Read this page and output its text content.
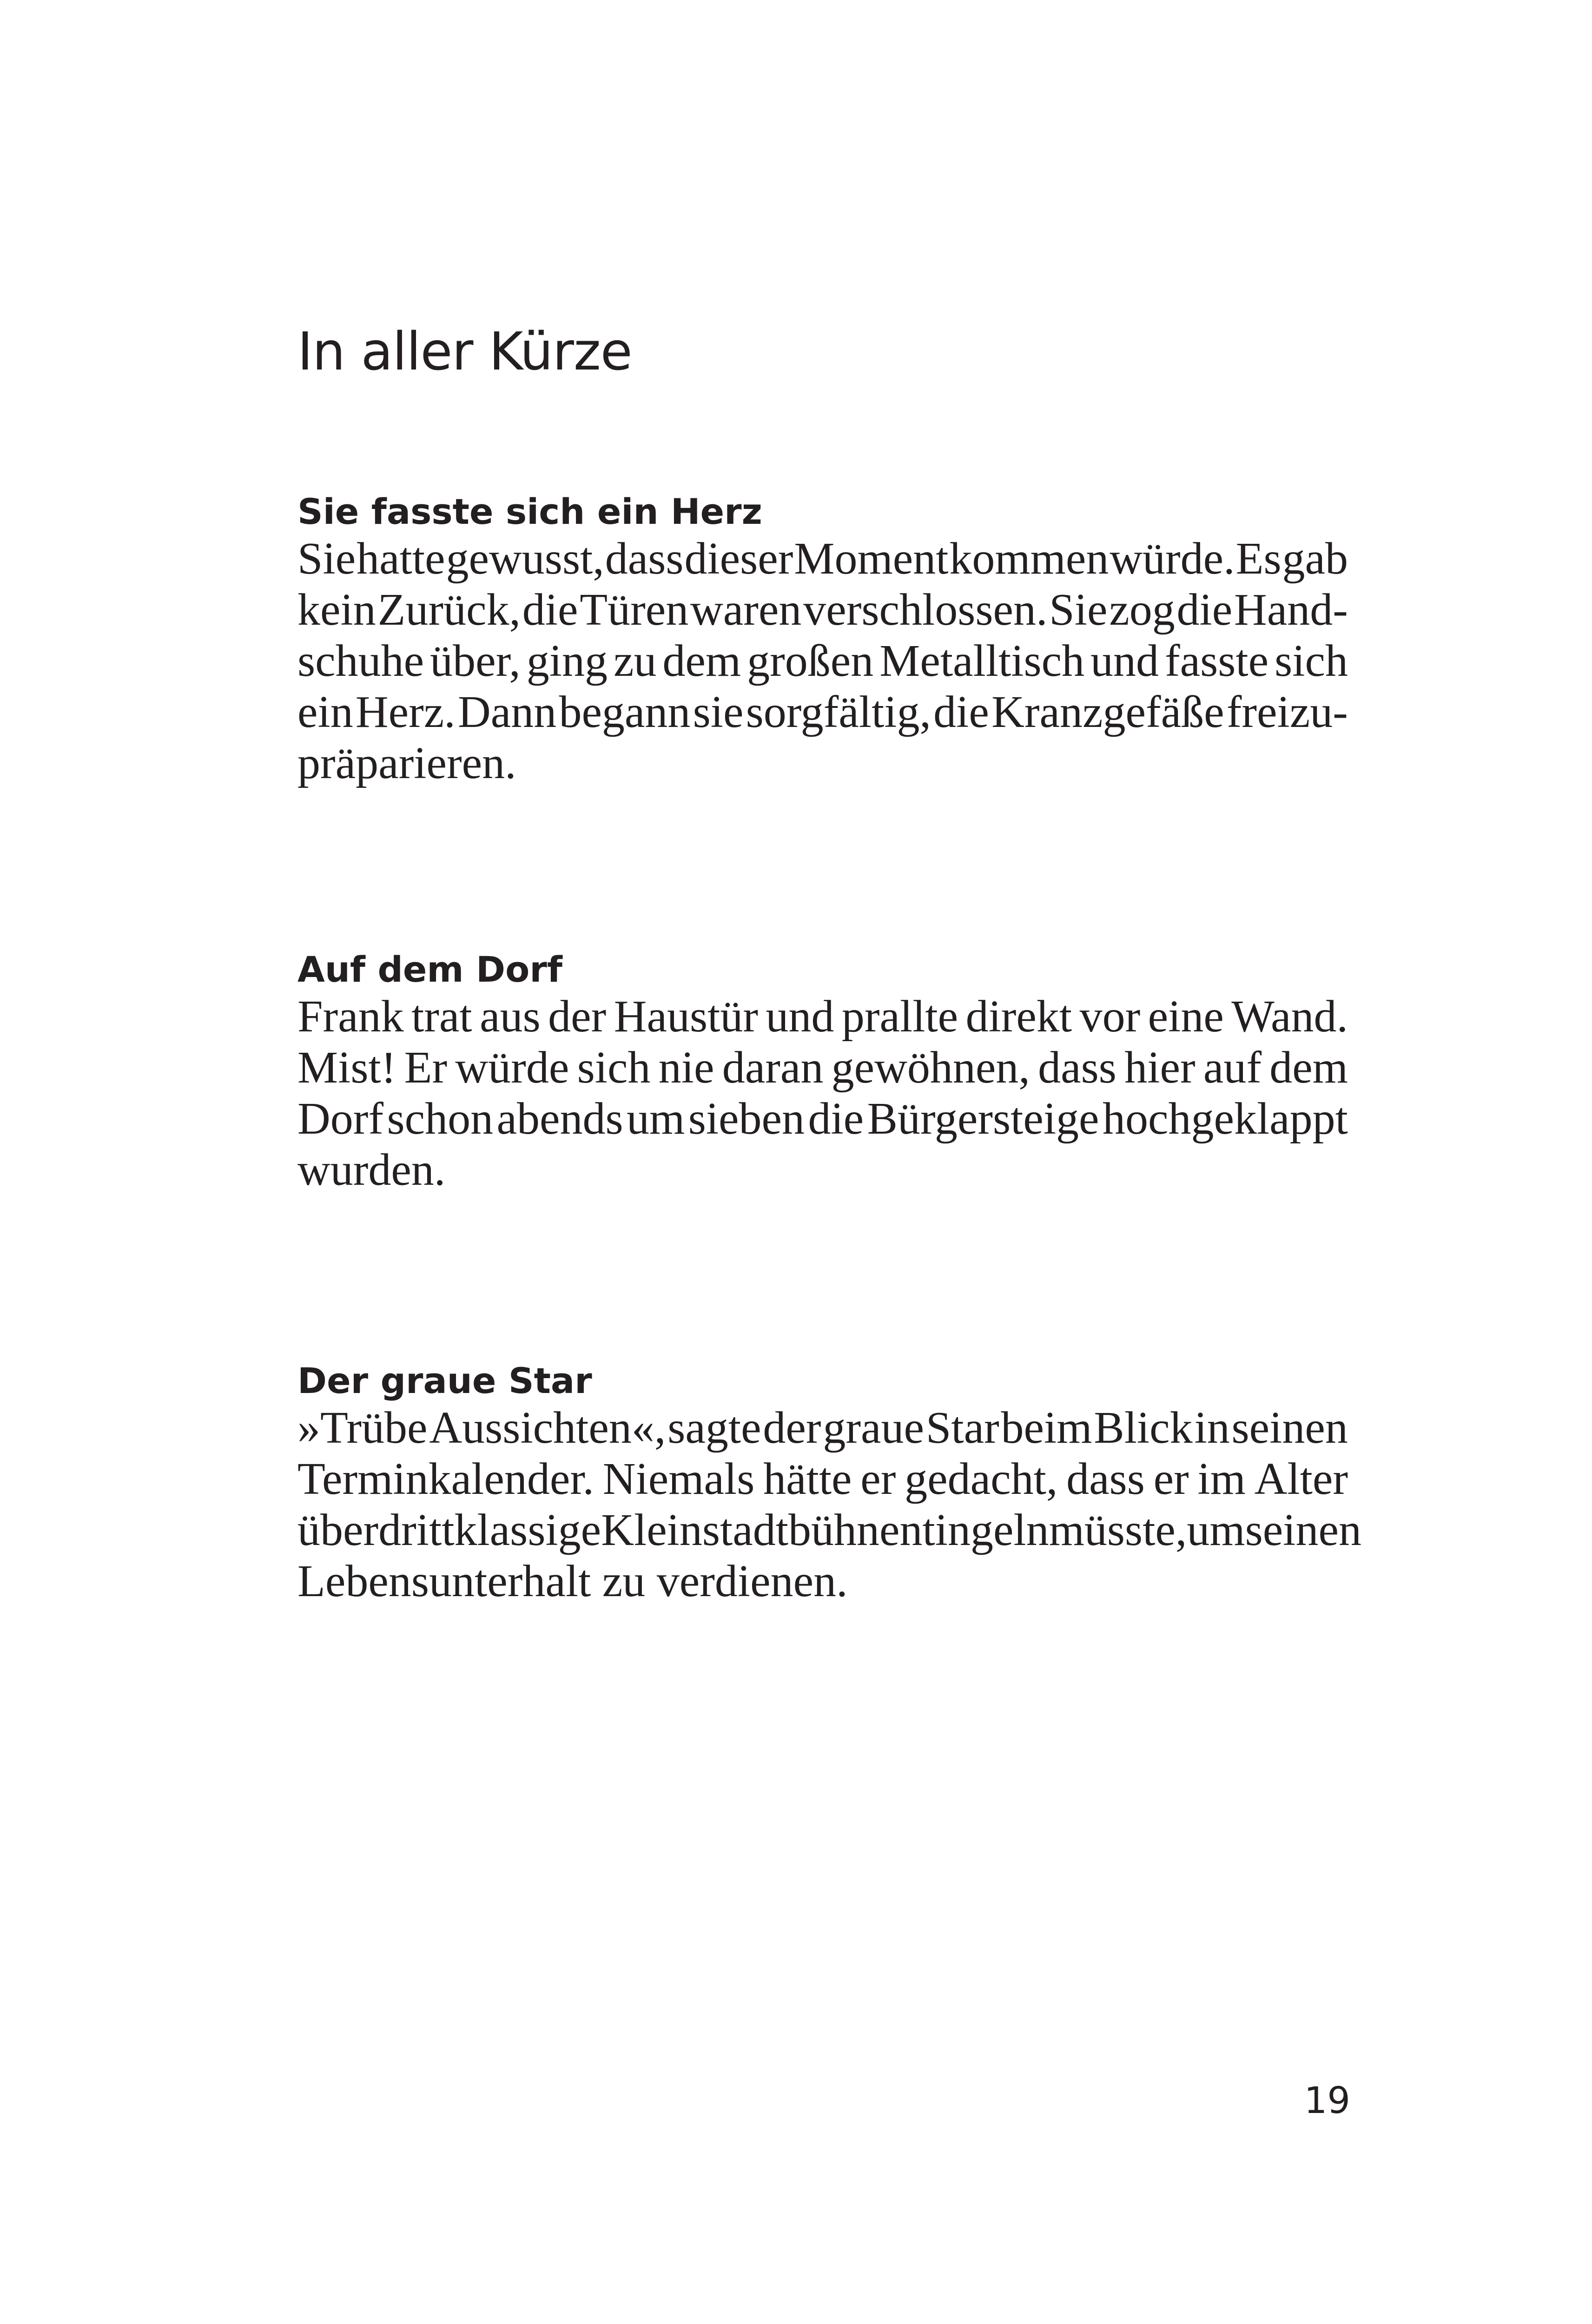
In aller Kürze
Sie fasste sich ein Herz
Sie hatte gewusst, dass dieser Moment kommen würde. Es gab
kein Zurück, die Türen waren verschlossen. Sie zog die Hand-
schuhe über, ging zu dem großen Metalltisch und fasste sich
ein Herz. Dann begann sie sorgfältig, die Kranzgefäße freizu-
präparieren.
Auf dem Dorf
Frank trat aus der Haustür und prallte direkt vor eine Wand.
Mist! Er würde sich nie daran gewöhnen, dass hier auf dem
Dorf schon abends um sieben die Bürgersteige hochgeklappt
wurden.
Der graue Star
»Trübe Aussichten«, sagte der graue Star beim Blick in seinen
Terminkalender. Niemals hätte er gedacht, dass er im Alter
über drittklassige Kleinstadtbühnen tingeln müsste, um seinen
Lebensunterhalt zu verdienen.
19
